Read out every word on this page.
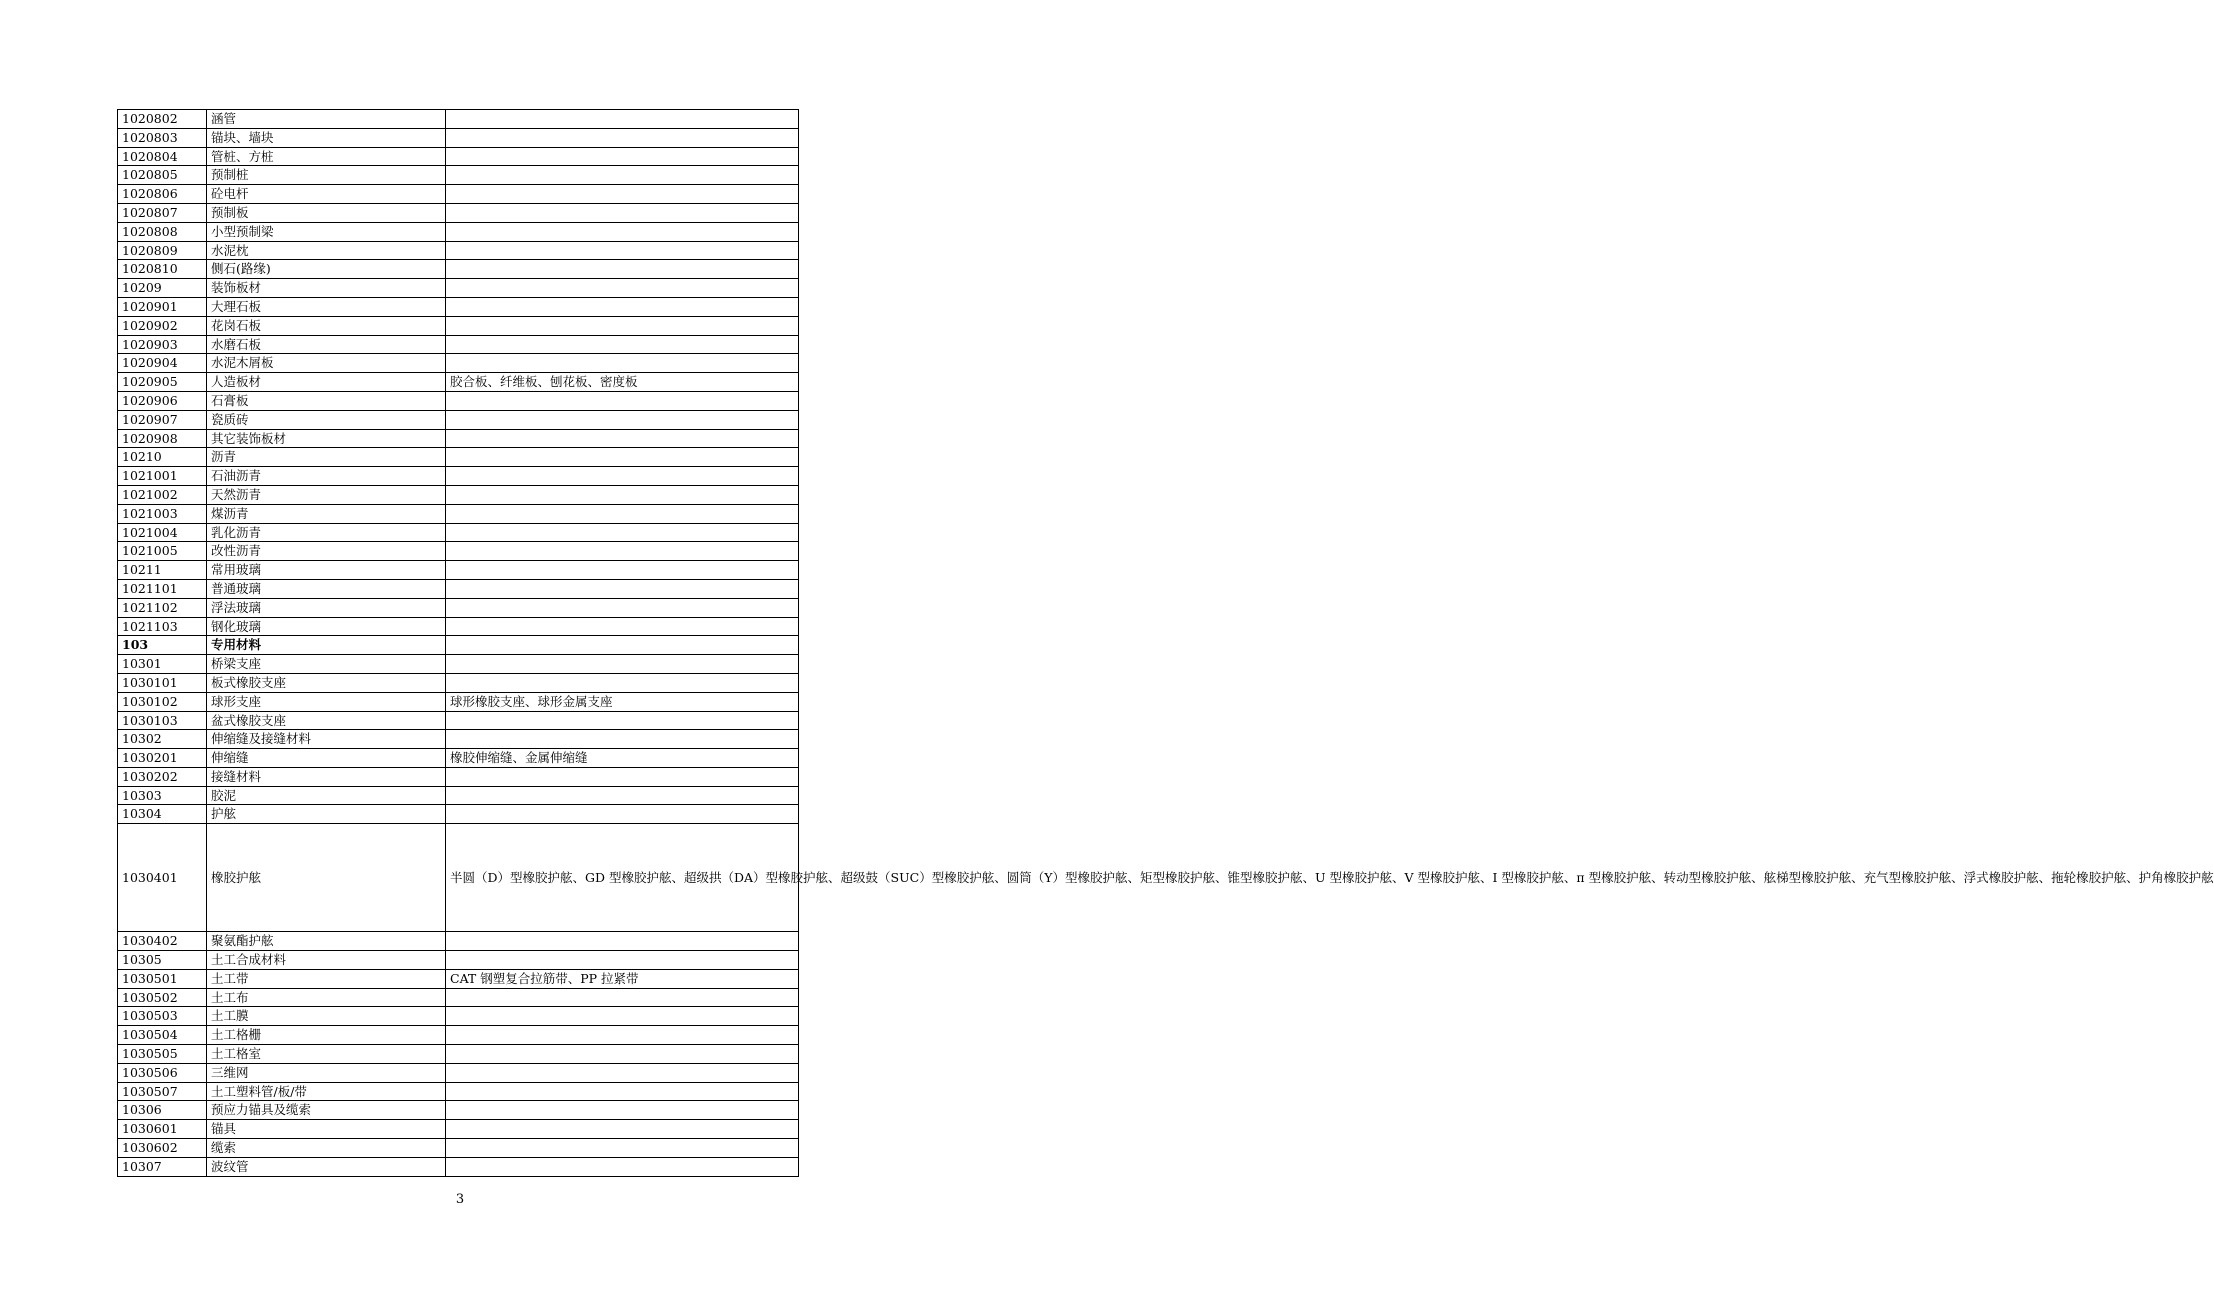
1020802	涵管	
1020803	锚块、墙块	
1020804	管桩、方桩	
1020805	预制桩	
1020806	砼电杆	
1020807	预制板	
1020808	小型预制梁	
1020809	水泥枕	
1020810	侧石(路缘)	
10209	装饰板材	
1020901	大理石板	
1020902	花岗石板	
1020903	水磨石板	
1020904	水泥木屑板	
1020905	人造板材	胶合板、纤维板、刨花板、密度板
1020906	石膏板	
1020907	瓷质砖	
1020908	其它装饰板材	
10210	沥青	
1021001	石油沥青	
1021002	天然沥青	
1021003	煤沥青	
1021004	乳化沥青	
1021005	改性沥青	
10211	常用玻璃	
1021101	普通玻璃	
1021102	浮法玻璃	
1021103	钢化玻璃	
103	专用材料	
10301	桥梁支座	
1030101	板式橡胶支座	
1030102	球形支座	球形橡胶支座、球形金属支座
1030103	盆式橡胶支座	
10302	伸缩缝及接缝材料	
1030201	伸缩缝	橡胶伸缩缝、金属伸缩缝
1030202	接缝材料	
10303	胶泥	
10304	护舷	
1030401	橡胶护舷	半圆（D）型橡胶护舷、GD 型橡胶护舷、超级拱（DA）型橡胶护舷、超级鼓（SUC）型橡胶护舷、圆筒（Y）型橡胶护舷、矩型橡胶护舷、锥型橡胶护舷、U 型橡胶护舷、V 型橡胶护舷、I 型橡胶护舷、π 型橡胶护舷、转动型橡胶护舷、舷梯型橡胶护舷、充气型橡胶护舷、浮式橡胶护舷、拖轮橡胶护舷、护角橡胶护舷
1030402	聚氨酯护舷	
10305	土工合成材料	
1030501	土工带	CAT 钢塑复合拉筋带、PP 拉紧带
1030502	土工布	
1030503	土工膜	
1030504	土工格栅	
1030505	土工格室	
1030506	三维网	
1030507	土工塑料管/板/带	
10306	预应力锚具及缆索	
1030601	锚具	
1030602	缆索	
10307	波纹管	
3
